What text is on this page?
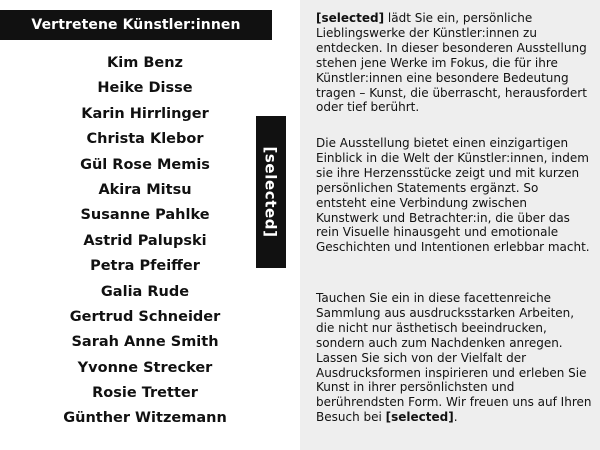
Vertretene Künstler:innen
Kim Benz
Heike Disse
Karin Hirrlinger
Christa Klebor
Gül Rose Memis
Akira Mitsu
Susanne Pahlke
Astrid Palupski
Petra Pfeiffer
Galia Rude
Gertrud Schneider
Sarah Anne Smith
Yvonne Strecker
Rosie Tretter
Günther Witzemann
[selected]

[selected] lädt Sie ein, persönliche Lieblingswerke der Künstler:innen zu entdecken. In dieser besonderen Ausstellung stehen jene Werke im Fokus, die für ihre Künstler:innen eine besondere Bedeutung tragen – Kunst, die überrascht, herausfordert oder tief berührt.

Die Ausstellung bietet einen einzigartigen Einblick in die Welt der Künstler:innen, indem sie ihre Herzensstücke zeigt und mit kurzen persönlichen Statements ergänzt. So entsteht eine Verbindung zwischen Kunstwerk und Betrachter:in, die über das rein Visuelle hinausgeht und emotionale Geschichten und Intentionen erlebbar macht.

Tauchen Sie ein in diese facettenreiche Sammlung aus ausdrucksstarken Arbeiten, die nicht nur ästhetisch beeindrucken, sondern auch zum Nachdenken anregen. Lassen Sie sich von der Vielfalt der Ausdrucksformen inspirieren und erleben Sie Kunst in ihrer persönlichsten und berührendsten Form. Wir freuen uns auf Ihren Besuch bei [selected].
